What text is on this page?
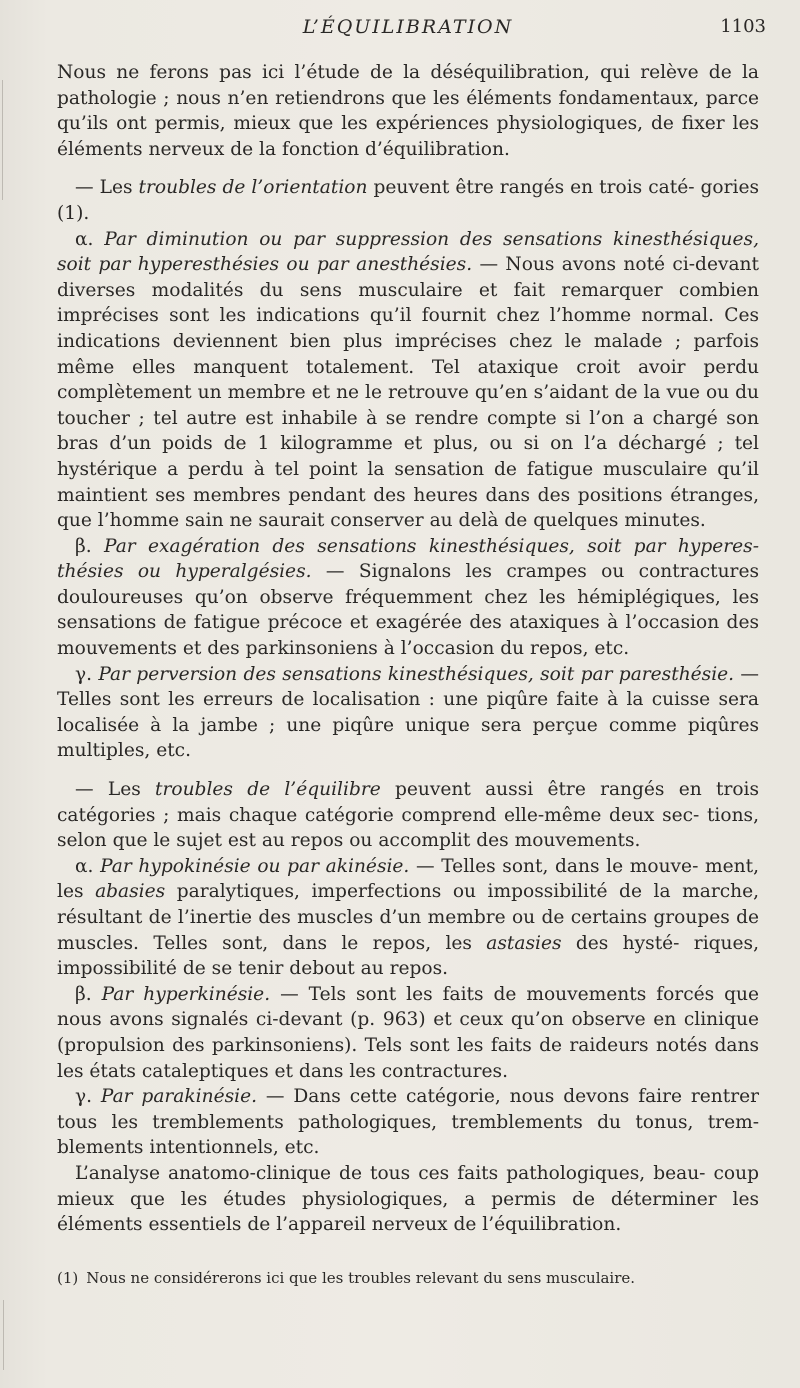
L’ÉQUILIBRATION	1103

Nous ne ferons pas ici l’étude de la déséquilibration, qui relève de la pathologie ; nous n’en retiendrons que les éléments fondamentaux, parce qu’ils ont permis, mieux que les expériences physiologiques, de fixer les éléments nerveux de la fonction d’équilibration.

— Les troubles de l’orientation peuvent être rangés en trois caté- gories (1).

α. Par diminution ou par suppression des sensations kinesthésiques, soit par hyperesthésies ou par anesthésies. — Nous avons noté ci-devant diverses modalités du sens musculaire et fait remarquer combien imprécises sont les indications qu’il fournit chez l’homme normal. Ces indications deviennent bien plus imprécises chez le malade ; parfois même elles manquent totalement. Tel ataxique croit avoir perdu complètement un membre et ne le retrouve qu’en s’aidant de la vue ou du toucher ; tel autre est inhabile à se rendre compte si l’on a chargé son bras d’un poids de 1 kilogramme et plus, ou si on l’a déchargé ; tel hystérique a perdu à tel point la sensation de fatigue musculaire qu’il maintient ses membres pendant des heures dans des positions étranges, que l’homme sain ne saurait conserver au delà de quelques minutes.

β. Par exagération des sensations kinesthésiques, soit par hyperes- thésies ou hyperalgésies. — Signalons les crampes ou contractures douloureuses qu’on observe fréquemment chez les hémiplégiques, les sensations de fatigue précoce et exagérée des ataxiques à l’occasion des mouvements et des parkinsoniens à l’occasion du repos, etc.

γ. Par perversion des sensations kinesthésiques, soit par paresthésie. — Telles sont les erreurs de localisation : une piqûre faite à la cuisse sera localisée à la jambe ; une piqûre unique sera perçue comme piqûres multiples, etc.

— Les troubles de l’équilibre peuvent aussi être rangés en trois catégories ; mais chaque catégorie comprend elle-même deux sec- tions, selon que le sujet est au repos ou accomplit des mouvements.

α. Par hypokinésie ou par akinésie. — Telles sont, dans le mouve- ment, les abasies paralytiques, imperfections ou impossibilité de la marche, résultant de l’inertie des muscles d’un membre ou de certains groupes de muscles. Telles sont, dans le repos, les astasies des hysté- riques, impossibilité de se tenir debout au repos.

β. Par hyperkinésie. — Tels sont les faits de mouvements forcés que nous avons signalés ci-devant (p. 963) et ceux qu’on observe en clinique (propulsion des parkinsoniens). Tels sont les faits de raideurs notés dans les états cataleptiques et dans les contractures.

γ. Par parakinésie. — Dans cette catégorie, nous devons faire rentrer tous les tremblements pathologiques, tremblements du tonus, trem- blements intentionnels, etc.

L’analyse anatomo-clinique de tous ces faits pathologiques, beau- coup mieux que les études physiologiques, a permis de déterminer les éléments essentiels de l’appareil nerveux de l’équilibration.

(1) Nous ne considérerons ici que les troubles relevant du sens musculaire.
